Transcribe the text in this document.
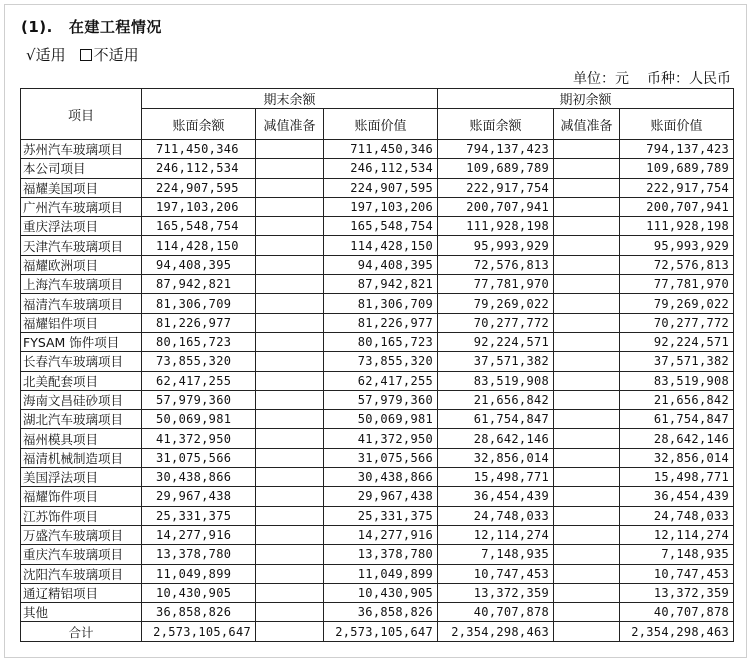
(1). 在建工程情况
√适用 不适用
单位：元 币种：人民币
项目	期末余额			期初余额		
	账面余额	减值准备	账面价值	账面余额	减值准备	账面价值
苏州汽车玻璃项目	711,450,346		711,450,346	794,137,423		794,137,423
本公司项目	246,112,534		246,112,534	109,689,789		109,689,789
福耀美国项目	224,907,595		224,907,595	222,917,754		222,917,754
广州汽车玻璃项目	197,103,206		197,103,206	200,707,941		200,707,941
重庆浮法项目	165,548,754		165,548,754	111,928,198		111,928,198
天津汽车玻璃项目	114,428,150		114,428,150	95,993,929		95,993,929
福耀欧洲项目	94,408,395		94,408,395	72,576,813		72,576,813
上海汽车玻璃项目	87,942,821		87,942,821	77,781,970		77,781,970
福清汽车玻璃项目	81,306,709		81,306,709	79,269,022		79,269,022
福耀铝件项目	81,226,977		81,226,977	70,277,772		70,277,772
FYSAM 饰件项目	80,165,723		80,165,723	92,224,571		92,224,571
长春汽车玻璃项目	73,855,320		73,855,320	37,571,382		37,571,382
北美配套项目	62,417,255		62,417,255	83,519,908		83,519,908
海南文昌硅砂项目	57,979,360		57,979,360	21,656,842		21,656,842
湖北汽车玻璃项目	50,069,981		50,069,981	61,754,847		61,754,847
福州模具项目	41,372,950		41,372,950	28,642,146		28,642,146
福清机械制造项目	31,075,566		31,075,566	32,856,014		32,856,014
美国浮法项目	30,438,866		30,438,866	15,498,771		15,498,771
福耀饰件项目	29,967,438		29,967,438	36,454,439		36,454,439
江苏饰件项目	25,331,375		25,331,375	24,748,033		24,748,033
万盛汽车玻璃项目	14,277,916		14,277,916	12,114,274		12,114,274
重庆汽车玻璃项目	13,378,780		13,378,780	7,148,935		7,148,935
沈阳汽车玻璃项目	11,049,899		11,049,899	10,747,453		10,747,453
通辽精铝项目	10,430,905		10,430,905	13,372,359		13,372,359
其他	36,858,826		36,858,826	40,707,878		40,707,878
合计	2,573,105,647		2,573,105,647	2,354,298,463		2,354,298,463
